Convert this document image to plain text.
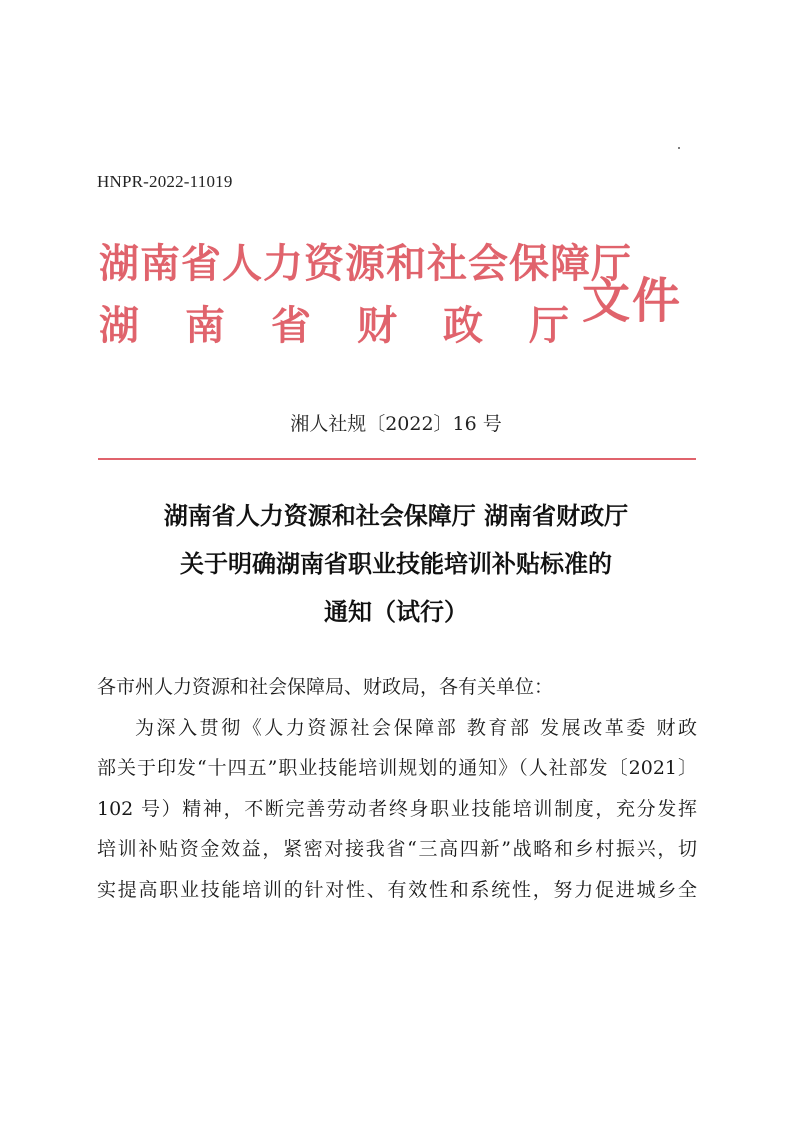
HNPR-2022-11019
湖南省人力资源和社会保障厅
湖 南 省 财 政 厅 文件
湘人社规〔2022〕16 号
湖南省人力资源和社会保障厅 湖南省财政厅
关于明确湖南省职业技能培训补贴标准的
通知（试行）
各市州人力资源和社会保障局、财政局，各有关单位：
为深入贯彻《人力资源社会保障部 教育部 发展改革委 财政
部关于印发“十四五”职业技能培训规划的通知》（人社部发〔2021〕
102 号）精神，不断完善劳动者终身职业技能培训制度，充分发挥
培训补贴资金效益，紧密对接我省“三高四新”战略和乡村振兴，切
实提高职业技能培训的针对性、有效性和系统性，努力促进城乡全
